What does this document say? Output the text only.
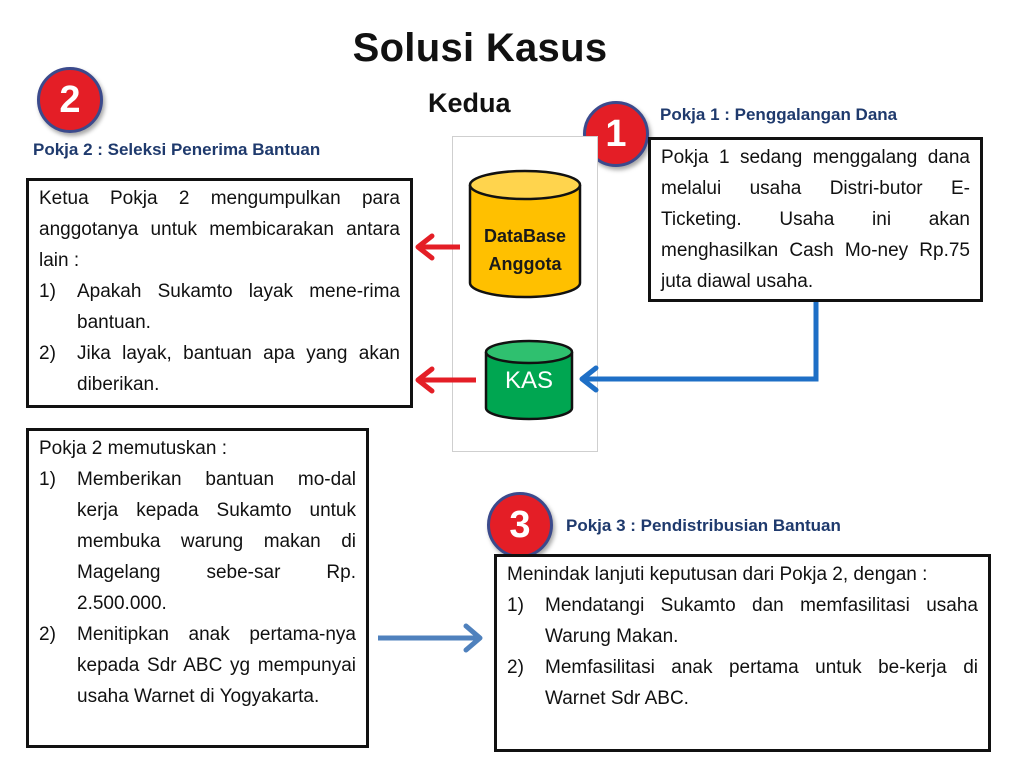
Solusi Kasus
Kedua
2
1
3
Pokja 2 : Seleksi Penerima Bantuan
Pokja 1 : Penggalangan Dana
Pokja 3 : Pendistribusian Bantuan
DataBase
Anggota
KAS

Ketua Pokja 2 mengumpulkan para anggotanya untuk membicarakan antara lain :

1) Apakah Sukamto layak mene-rima bantuan.
2) Jika layak, bantuan apa yang akan diberikan.

Pokja 2 memutuskan :

1) Memberikan bantuan mo-dal kerja kepada Sukamto untuk membuka warung makan di Magelang sebe-sar Rp. 2.500.000.
2) Menitipkan anak pertama-nya kepada Sdr ABC yg mempunyai usaha Warnet di Yogyakarta.

Pokja 1 sedang menggalang dana melalui usaha Distri-butor E-Ticketing. Usaha ini akan menghasilkan Cash Mo-ney Rp.75 juta diawal usaha.

Menindak lanjuti keputusan dari Pokja 2, dengan :

1) Mendatangi Sukamto dan memfasilitasi usaha Warung Makan.
2) Memfasilitasi anak pertama untuk be-kerja di Warnet Sdr ABC.
